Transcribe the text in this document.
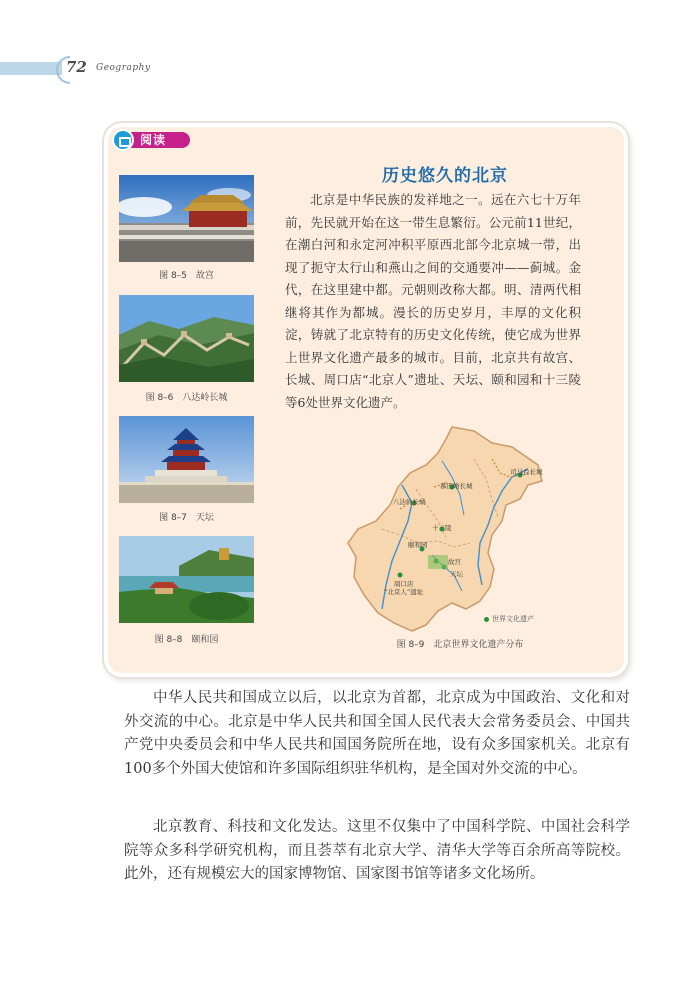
72 Geography
阅读
图 8–5　故宫
图 8–6　八达岭长城
图 8–7　天坛
图 8–8　颐和园
历史悠久的北京

北京是中华民族的发祥地之一。远在六七十万年前，先民就开始在这一带生息繁衍。公元前11世纪，在潮白河和永定河冲积平原西北部今北京城一带，出现了扼守太行山和燕山之间的交通要冲——蓟城。金代，在这里建中都。元朝则改称大都。明、清两代相继将其作为都城。漫长的历史岁月，丰厚的文化积淀，铸就了北京特有的历史文化传统，使它成为世界上世界文化遗产最多的城市。目前，北京共有故宫、长城、周口店“北京人”遗址、天坛、颐和园和十三陵等6处世界文化遗产。

司马台长城
慕田峪长城
八达岭长城
十三陵
颐和园
故宫
天坛
周口店
“北京人”遗址
世界文化遗产
图 8–9　北京世界文化遗产分布

中华人民共和国成立以后，以北京为首都，北京成为中国政治、文化和对外交流的中心。北京是中华人民共和国全国人民代表大会常务委员会、中国共产党中央委员会和中华人民共和国国务院所在地，设有众多国家机关。北京有100多个外国大使馆和许多国际组织驻华机构，是全国对外交流的中心。

北京教育、科技和文化发达。这里不仅集中了中国科学院、中国社会科学院等众多科学研究机构，而且荟萃有北京大学、清华大学等百余所高等院校。此外，还有规模宏大的国家博物馆、国家图书馆等诸多文化场所。
